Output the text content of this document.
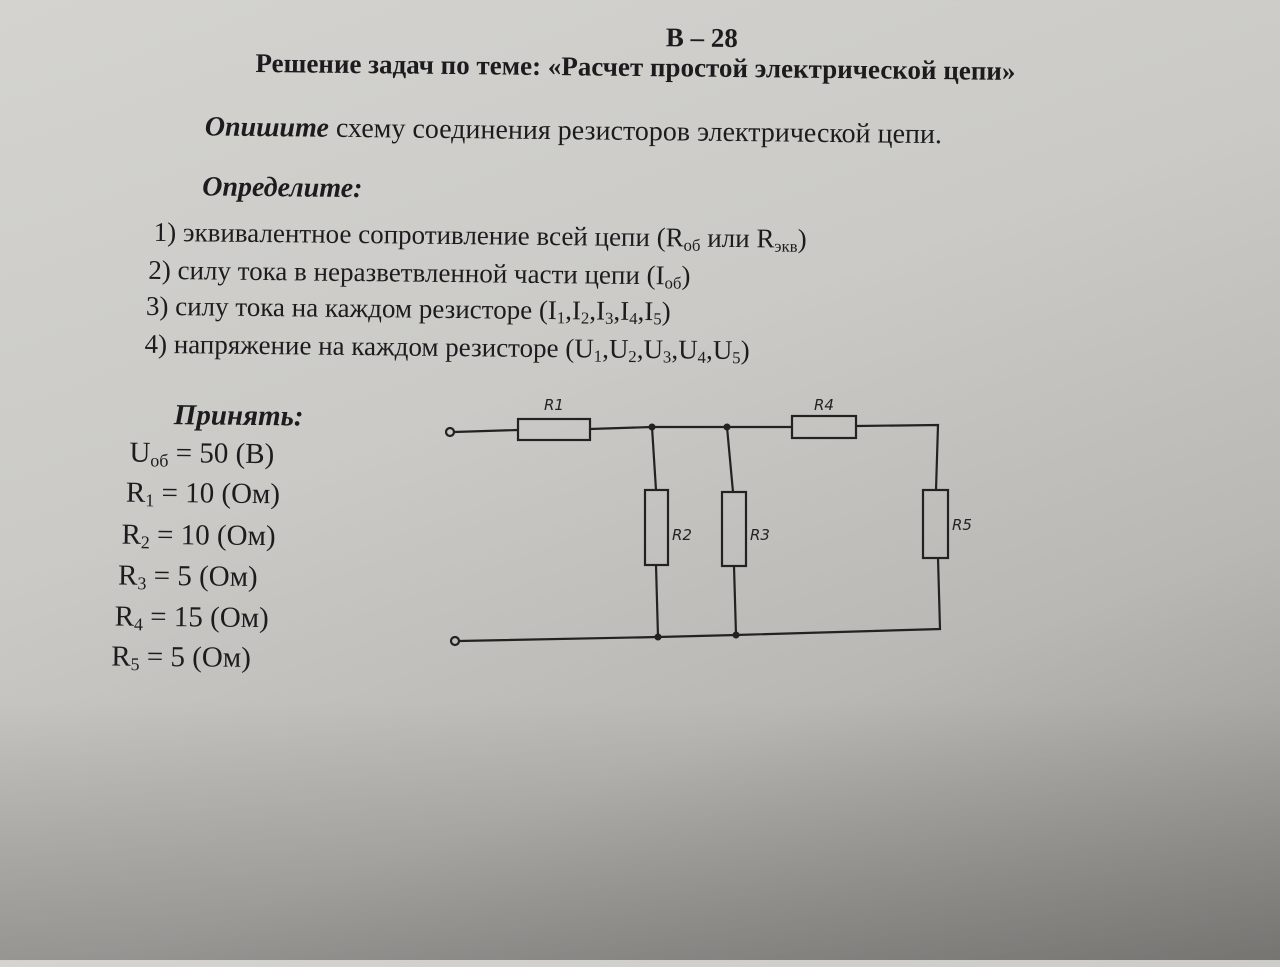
В – 28
Решение задач по теме: «Расчет простой электрической цепи»
Опишите схему соединения резисторов электрической цепи.
Определите:
1) эквивалентное сопротивление всей цепи ($R_{об}$ или $R_{экв}$)
2) силу тока в неразветвленной части цепи $(I_{об})$
3) силу тока на каждом резисторе $(I_1,I_2,I_3,I_4,I_5)$
4) напряжение на каждом резисторе $(U_1,U_2,U_3,U_4,U_5)$
Принять:
$U_{об} = 50$ (В)
$R_1 = 10$ (Ом)
$R_2 = 10$ (Ом)
$R_3 = 5$ (Ом)
$R_4 = 15$ (Ом)
$R_5 = 5$ (Ом)
R1
R2	R3
R4
R5
